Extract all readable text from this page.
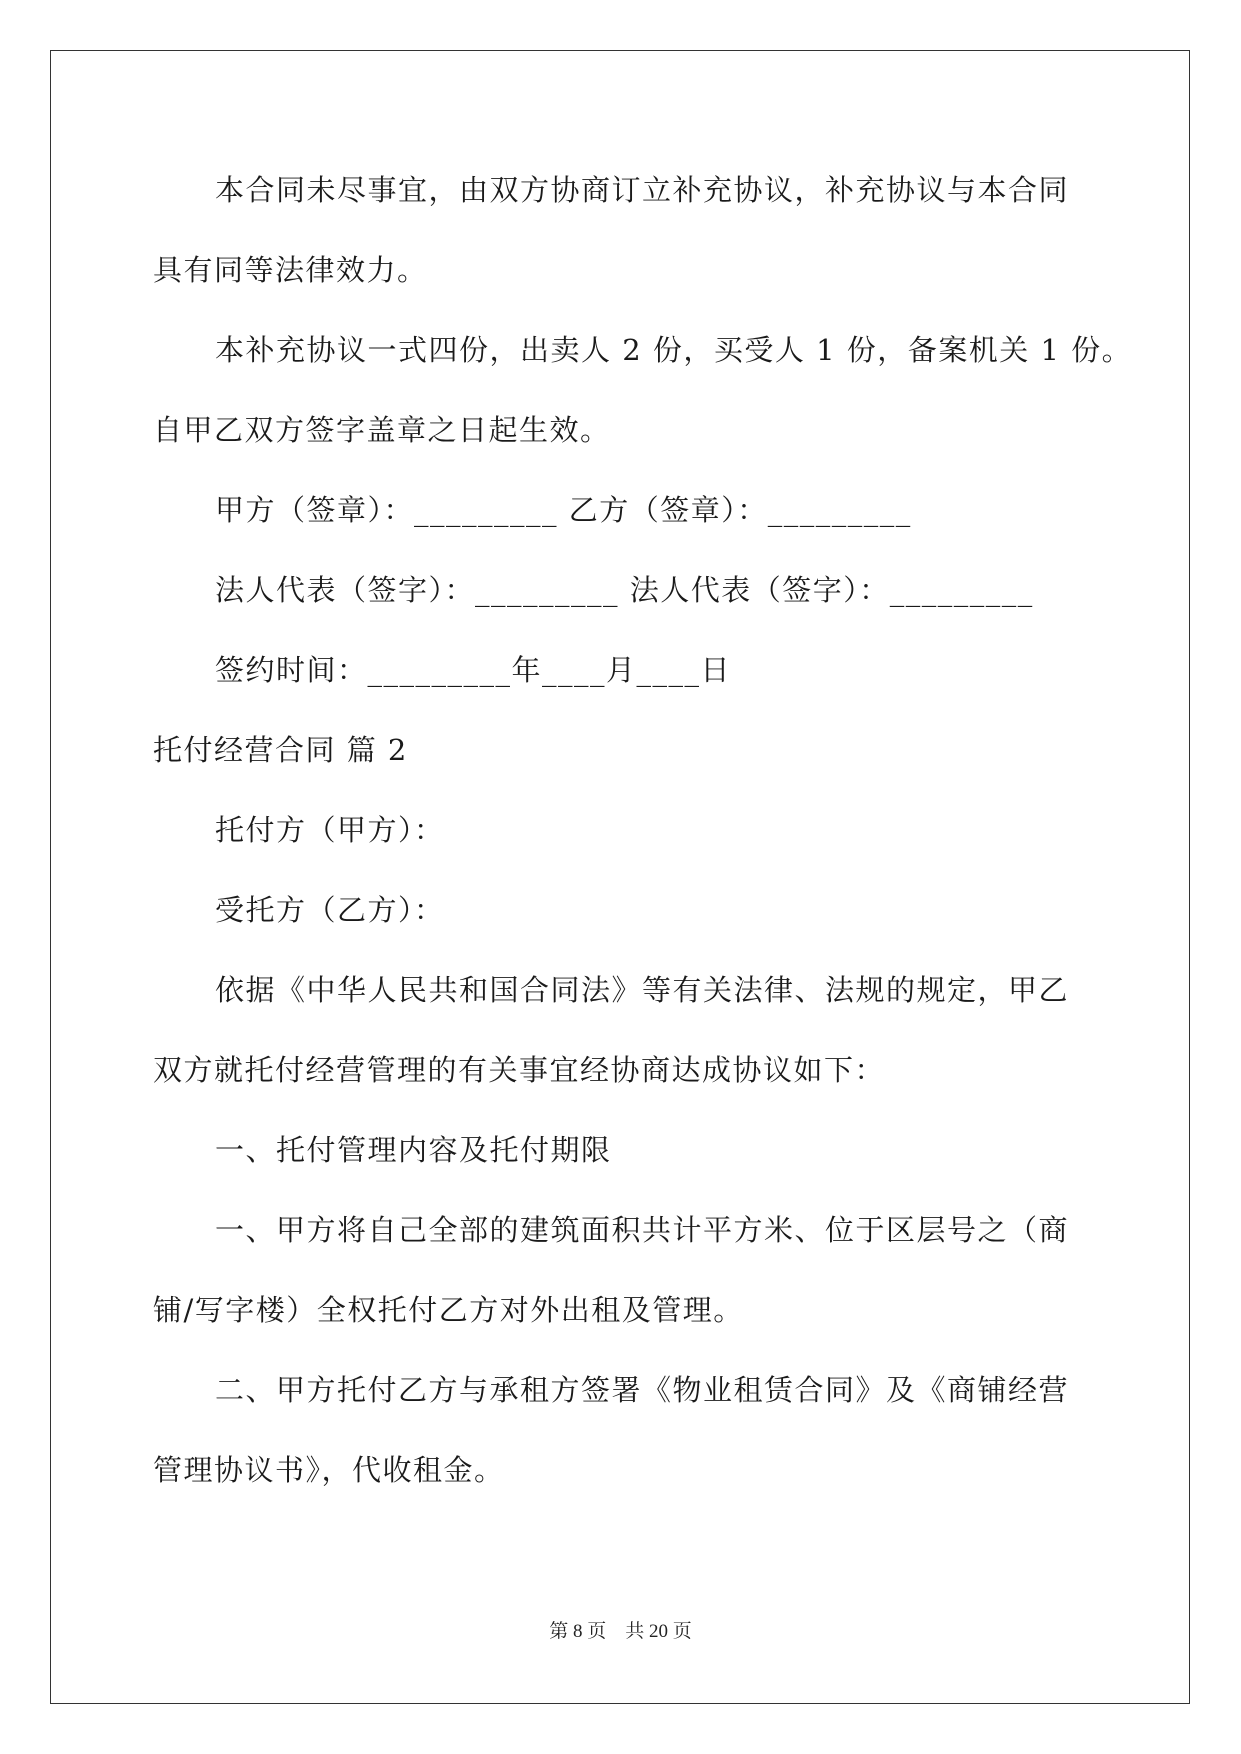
本合同未尽事宜，由双方协商订立补充协议，补充协议与本合同
具有同等法律效力。
本补充协议一式四份，出卖人 2 份，买受人 1 份，备案机关 1 份。
自甲乙双方签字盖章之日起生效。
甲方（签章）：_________ 乙方（签章）：_________
法人代表（签字）：_________ 法人代表（签字）：_________
签约时间：_________年____月____日
托付经营合同 篇 2
托付方（甲方）：
受托方（乙方）：
依据《中华人民共和国合同法》等有关法律、法规的规定，甲乙
双方就托付经营管理的有关事宜经协商达成协议如下：
一、托付管理内容及托付期限
一、甲方将自己全部的建筑面积共计平方米、位于区层号之（商
铺/写字楼）全权托付乙方对外出租及管理。
二、甲方托付乙方与承租方签署《物业租赁合同》及《商铺经营
管理协议书》，代收租金。
第 8 页    共 20 页
